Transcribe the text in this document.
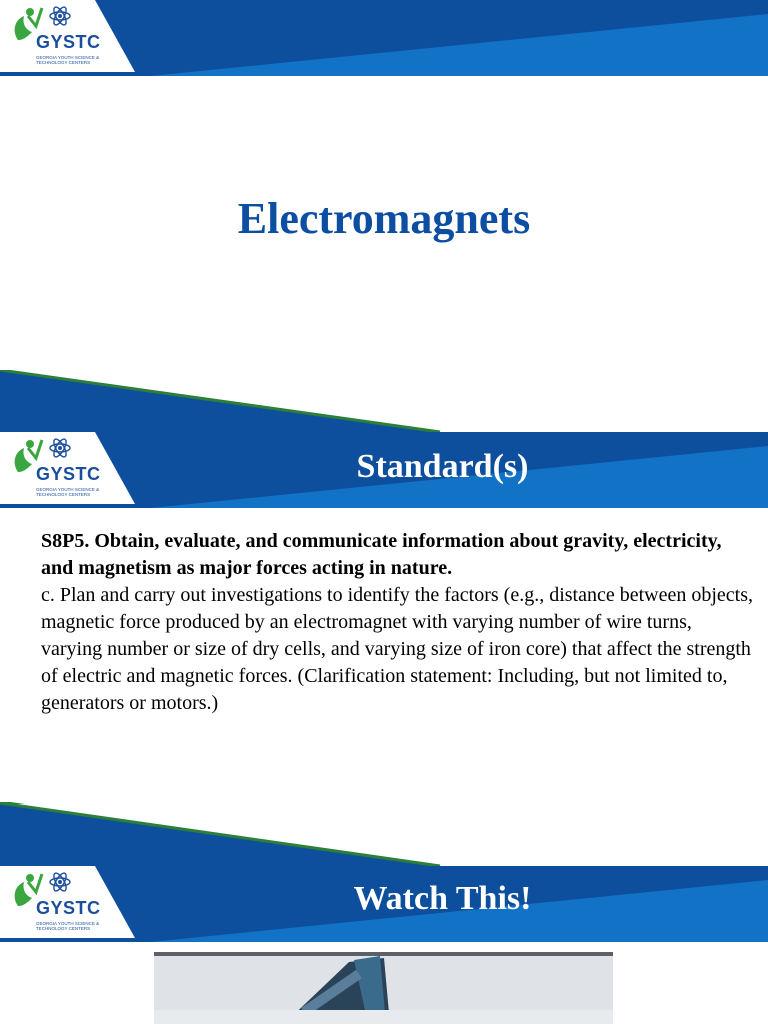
GYSTC
GEORGIA YOUTH SCIENCE & TECHNOLOGY CENTERS
Electromagnets
GYSTC
GEORGIA YOUTH SCIENCE & TECHNOLOGY CENTERS
Standard(s)
S8P5. Obtain, evaluate, and communicate information about gravity, electricity, and magnetism as major forces acting in nature.
c. Plan and carry out investigations to identify the factors (e.g., distance between objects, magnetic force produced by an electromagnet with varying number of wire turns, varying number or size of dry cells, and varying size of iron core) that affect the strength of electric and magnetic forces. (Clarification statement: Including, but not limited to, generators or motors.)
GYSTC
GEORGIA YOUTH SCIENCE & TECHNOLOGY CENTERS
Watch This!
